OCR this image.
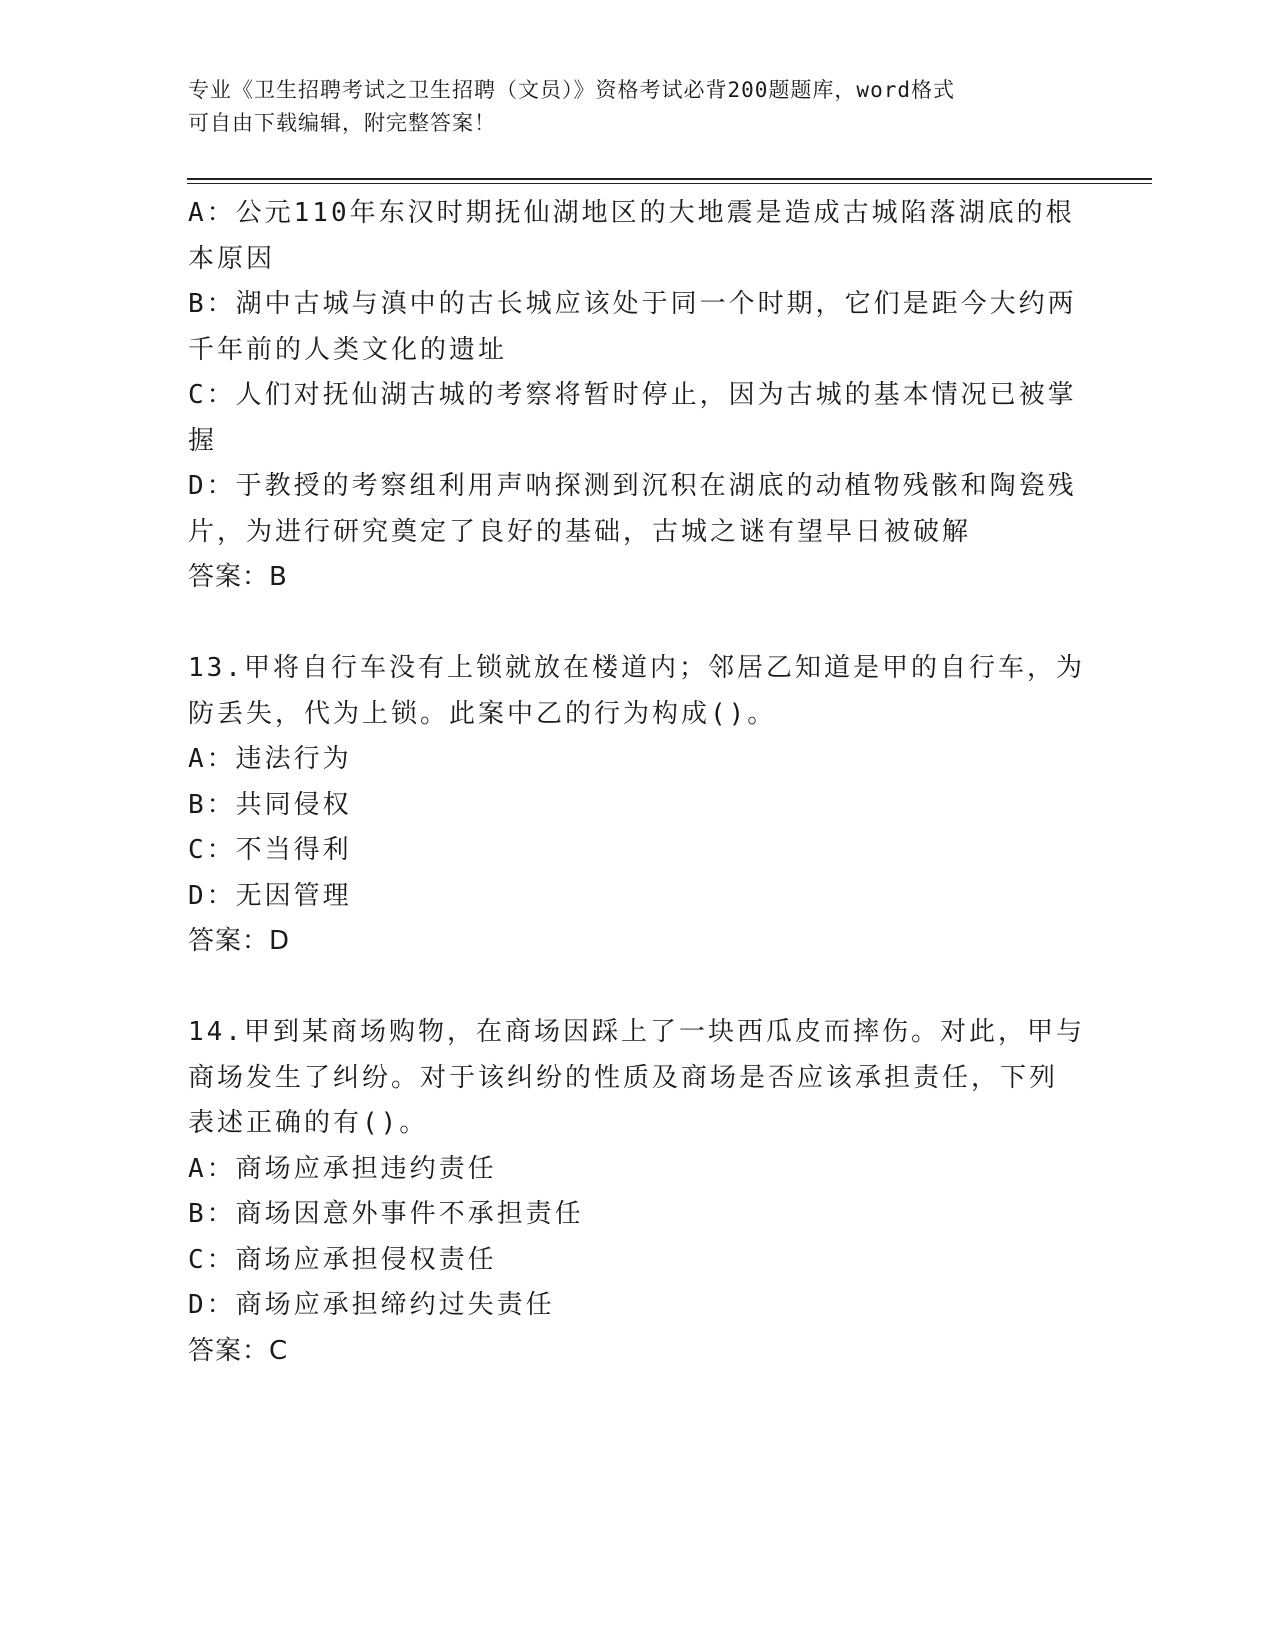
专业《卫生招聘考试之卫生招聘（文员）》资格考试必背200题题库，word格式
可自由下载编辑，附完整答案！
A：公元110年东汉时期抚仙湖地区的大地震是造成古城陷落湖底的根
本原因
B：湖中古城与滇中的古长城应该处于同一个时期，它们是距今大约两
千年前的人类文化的遗址
C：人们对抚仙湖古城的考察将暂时停止，因为古城的基本情况已被掌
握
D：于教授的考察组利用声呐探测到沉积在湖底的动植物残骸和陶瓷残
片，为进行研究奠定了良好的基础，古城之谜有望早日被破解
答案：B
13.甲将自行车没有上锁就放在楼道内；邻居乙知道是甲的自行车，为
防丢失，代为上锁。此案中乙的行为构成()。
A：违法行为
B：共同侵权
C：不当得利
D：无因管理
答案：D
14.甲到某商场购物，在商场因踩上了一块西瓜皮而摔伤。对此，甲与
商场发生了纠纷。对于该纠纷的性质及商场是否应该承担责任，下列
表述正确的有()。
A：商场应承担违约责任
B：商场因意外事件不承担责任
C：商场应承担侵权责任
D：商场应承担缔约过失责任
答案：C
